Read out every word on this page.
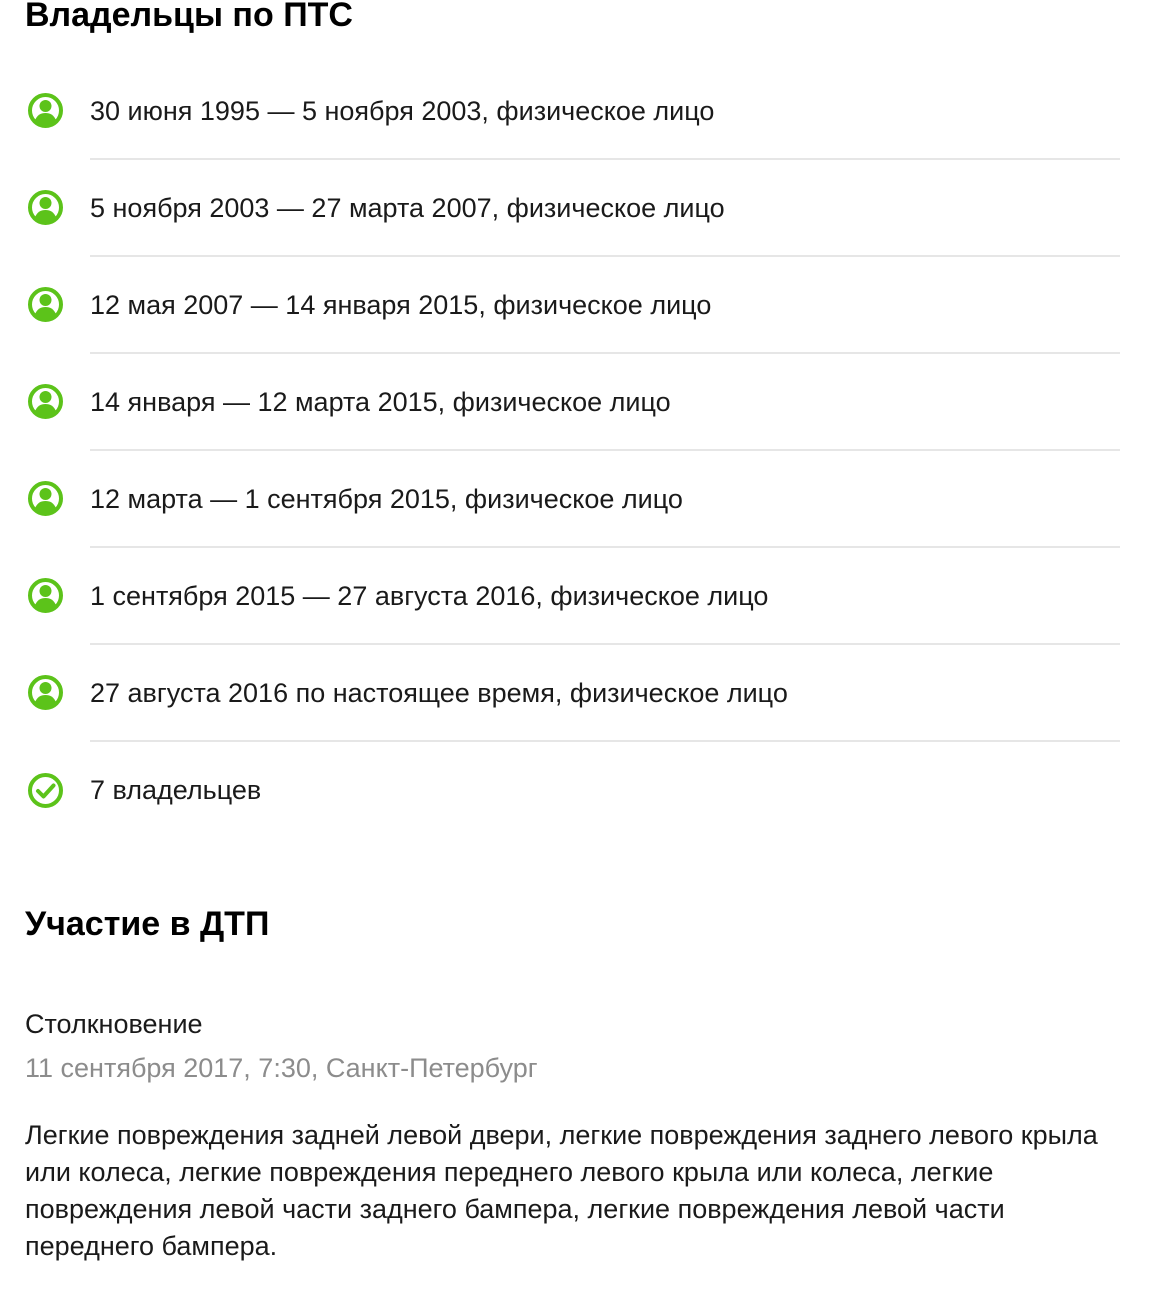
Владельцы по ПТС
30 июня 1995 — 5 ноября 2003, физическое лицо
5 ноября 2003 — 27 марта 2007, физическое лицо
12 мая 2007 — 14 января 2015, физическое лицо
14 января — 12 марта 2015, физическое лицо
12 марта — 1 сентября 2015, физическое лицо
1 сентября 2015 — 27 августа 2016, физическое лицо
27 августа 2016 по настоящее время, физическое лицо
7 владельцев
Участие в ДТП

Столкновение

11 сентября 2017, 7:30, Санкт-Петербург

Легкие повреждения задней левой двери, легкие повреждения заднего левого крыла или колеса, легкие повреждения переднего левого крыла или колеса, легкие повреждения левой части заднего бампера, легкие повреждения левой части переднего бампера.
